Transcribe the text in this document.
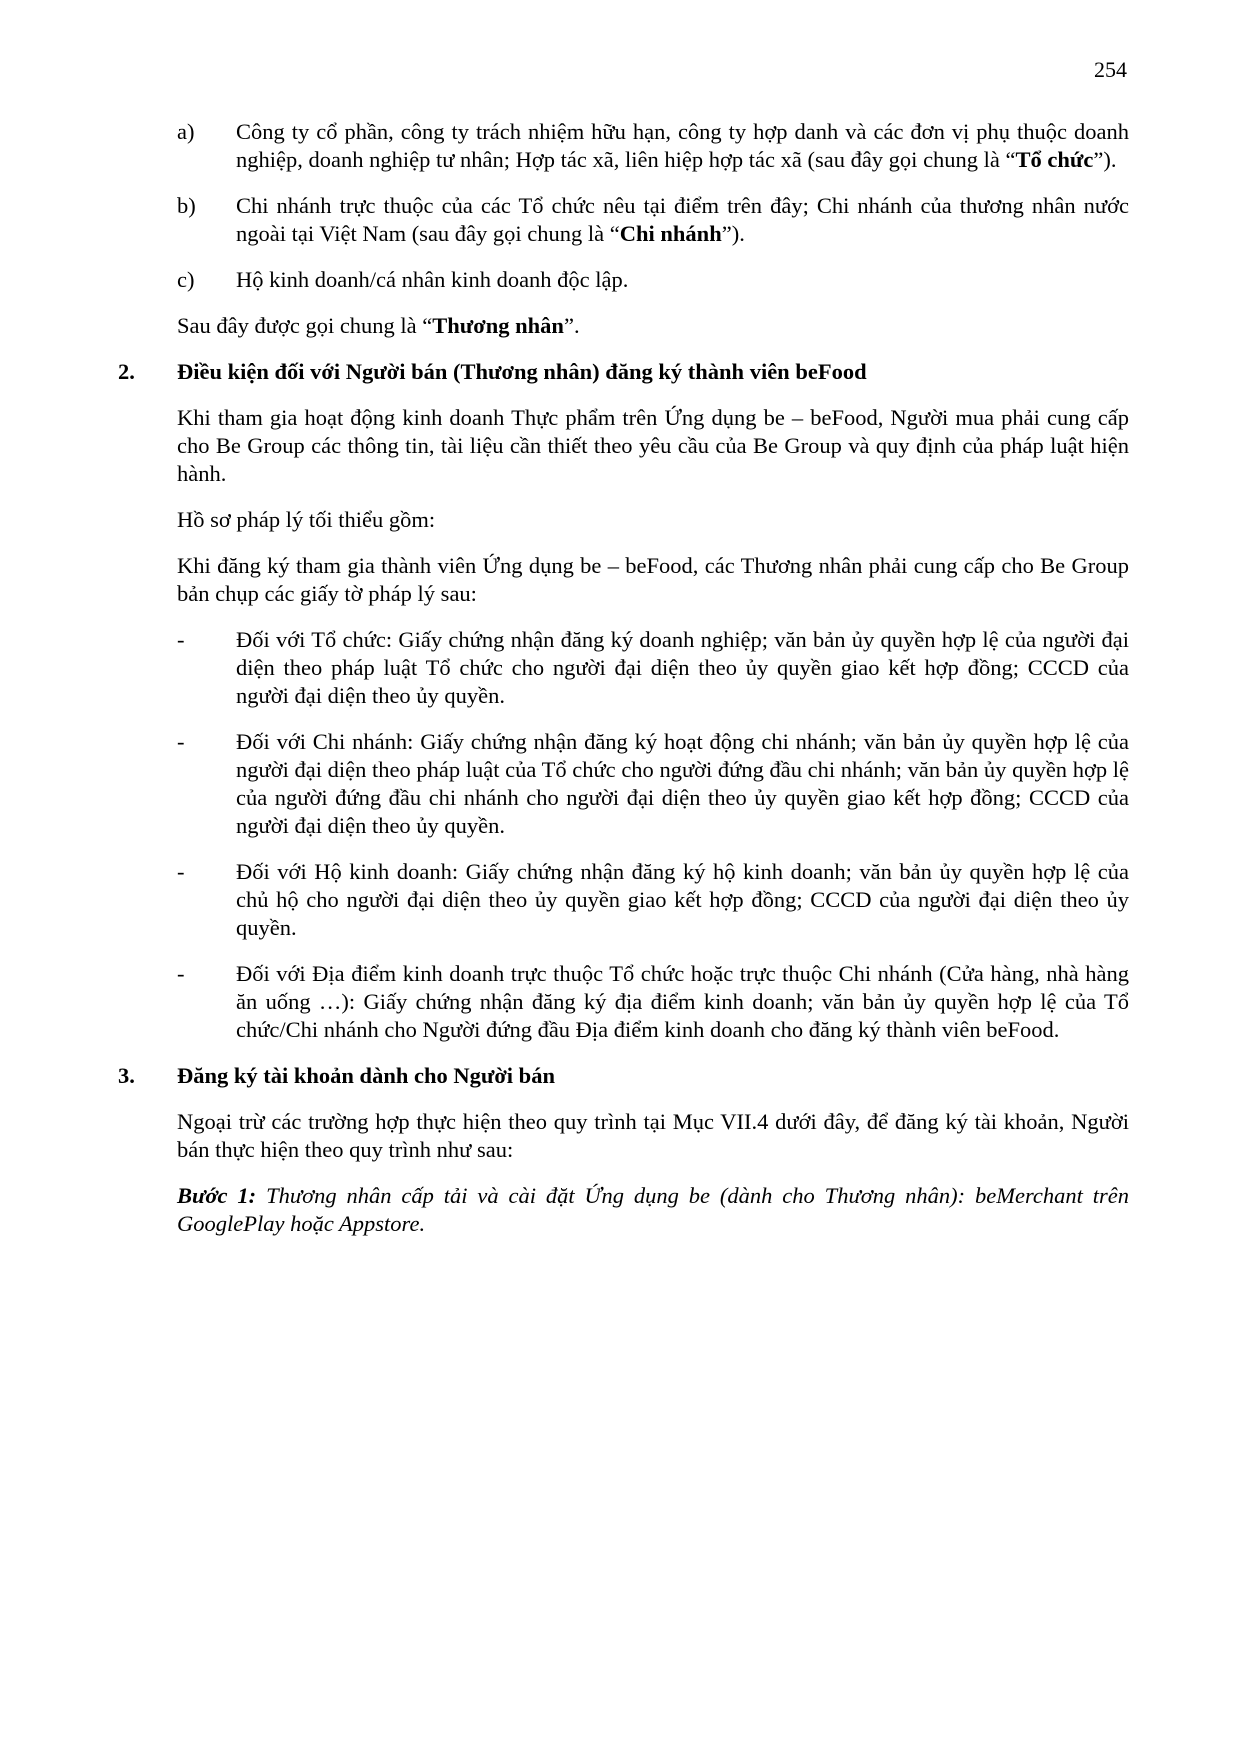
254
a) Công ty cổ phần, công ty trách nhiệm hữu hạn, công ty hợp danh và các đơn vị phụ thuộc doanh nghiệp, doanh nghiệp tư nhân; Hợp tác xã, liên hiệp hợp tác xã (sau đây gọi chung là “Tổ chức”).
b) Chi nhánh trực thuộc của các Tổ chức nêu tại điểm trên đây; Chi nhánh của thương nhân nước ngoài tại Việt Nam (sau đây gọi chung là “Chi nhánh”).
c) Hộ kinh doanh/cá nhân kinh doanh độc lập.
Sau đây được gọi chung là “Thương nhân”.
2. Điều kiện đối với Người bán (Thương nhân) đăng ký thành viên beFood
Khi tham gia hoạt động kinh doanh Thực phẩm trên Ứng dụng be – beFood, Người mua phải cung cấp cho Be Group các thông tin, tài liệu cần thiết theo yêu cầu của Be Group và quy định của pháp luật hiện hành.
Hồ sơ pháp lý tối thiểu gồm:
Khi đăng ký tham gia thành viên Ứng dụng be – beFood, các Thương nhân phải cung cấp cho Be Group bản chụp các giấy tờ pháp lý sau:
- Đối với Tổ chức: Giấy chứng nhận đăng ký doanh nghiệp; văn bản ủy quyền hợp lệ của người đại diện theo pháp luật Tổ chức cho người đại diện theo ủy quyền giao kết hợp đồng; CCCD của người đại diện theo ủy quyền.
- Đối với Chi nhánh: Giấy chứng nhận đăng ký hoạt động chi nhánh; văn bản ủy quyền hợp lệ của người đại diện theo pháp luật của Tổ chức cho người đứng đầu chi nhánh; văn bản ủy quyền hợp lệ của người đứng đầu chi nhánh cho người đại diện theo ủy quyền giao kết hợp đồng; CCCD của người đại diện theo ủy quyền.
- Đối với Hộ kinh doanh: Giấy chứng nhận đăng ký hộ kinh doanh; văn bản ủy quyền hợp lệ của chủ hộ cho người đại diện theo ủy quyền giao kết hợp đồng; CCCD của người đại diện theo ủy quyền.
- Đối với Địa điểm kinh doanh trực thuộc Tổ chức hoặc trực thuộc Chi nhánh (Cửa hàng, nhà hàng ăn uống …): Giấy chứng nhận đăng ký địa điểm kinh doanh; văn bản ủy quyền hợp lệ của Tổ chức/Chi nhánh cho Người đứng đầu Địa điểm kinh doanh cho đăng ký thành viên beFood.
3. Đăng ký tài khoản dành cho Người bán
Ngoại trừ các trường hợp thực hiện theo quy trình tại Mục VII.4 dưới đây, để đăng ký tài khoản, Người bán thực hiện theo quy trình như sau:
Bước 1: Thương nhân cấp tải và cài đặt Ứng dụng be (dành cho Thương nhân): beMerchant trên GooglePlay hoặc Appstore.
